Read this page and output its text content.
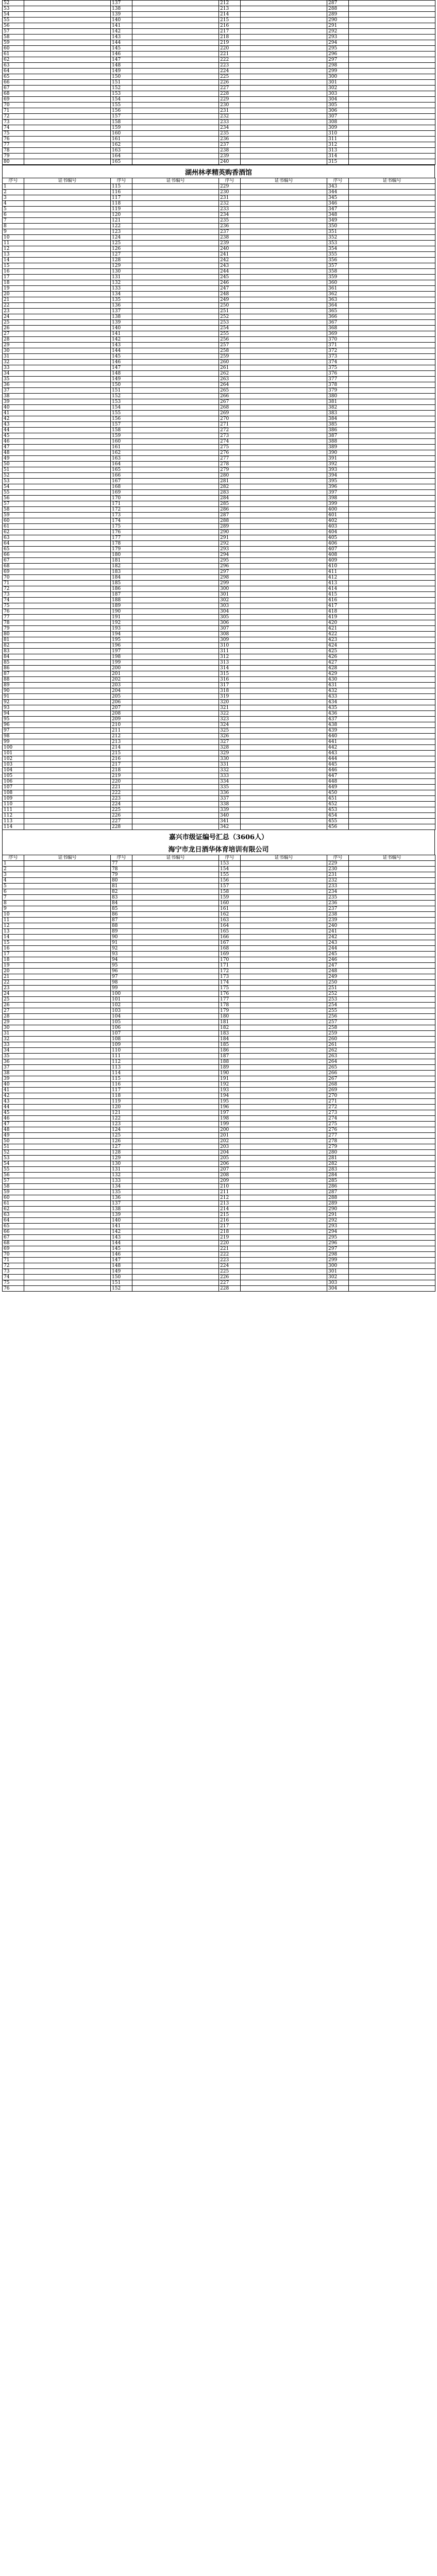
52		137		212		287	
53		138		213		288	
54		139		214		289	
55		140		215		290	
56		141		216		291	
57		142		217		292	
58		143		218		293	
59		144		219		294	
60		145		220		295	
61		146		221		296	
62		147		222		297	
63		148		223		298	
64		149		224		299	
65		150		225		300	
66		151		226		301	
67		152		227		302	
68		153		228		303	
69		154		229		304	
70		155		230		305	
71		156		231		306	
72		157		232		307	
73		158		233		308	
74		159		234		309	
75		160		235		310	
76		161		236		311	
77		162		237		312	
78		163		238		313	
79		164		239		314	
80		165		240		315	
湖州林孝精英购香酒馆
序号	证书编号	序号	证书编号	序号	证书编号	序号	证书编号
1		115		229		343	
2		116		230		344	
3		117		231		345	
4		118		232		346	
5		119		233		347	
6		120		234		348	
7		121		235		349	
8		122		236		350	
9		123		237		351	
10		124		238		352	
11		125		239		353	
12		126		240		354	
13		127		241		355	
14		128		242		356	
15		129		243		357	
16		130		244		358	
17		131		245		359	
18		132		246		360	
19		133		247		361	
20		134		248		362	
21		135		249		363	
22		136		250		364	
23		137		251		365	
24		138		252		366	
25		139		253		367	
26		140		254		368	
27		141		255		369	
28		142		256		370	
29		143		257		371	
30		144		258		372	
31		145		259		373	
32		146		260		374	
33		147		261		375	
34		148		262		376	
35		149		263		377	
36		150		264		378	
37		151		265		379	
38		152		266		380	
39		153		267		381	
40		154		268		382	
41		155		269		383	
42		156		270		384	
43		157		271		385	
44		158		272		386	
45		159		273		387	
46		160		274		388	
47		161		275		389	
48		162		276		390	
49		163		277		391	
50		164		278		392	
51		165		279		393	
52		166		280		394	
53		167		281		395	
54		168		282		396	
55		169		283		397	
56		170		284		398	
57		171		285		399	
58		172		286		400	
59		173		287		401	
60		174		288		402	
61		175		289		403	
62		176		290		404	
63		177		291		405	
64		178		292		406	
65		179		293		407	
66		180		294		408	
67		181		295		409	
68		182		296		410	
69		183		297		411	
70		184		298		412	
71		185		299		413	
72		186		300		414	
73		187		301		415	
74		188		302		416	
75		189		303		417	
76		190		304		418	
77		191		305		419	
78		192		306		420	
79		193		307		421	
80		194		308		422	
81		195		309		423	
82		196		310		424	
83		197		311		425	
84		198		312		426	
85		199		313		427	
86		200		314		428	
87		201		315		429	
88		202		316		430	
89		203		317		431	
90		204		318		432	
91		205		319		433	
92		206		320		434	
93		207		321		435	
94		208		322		436	
95		209		323		437	
96		210		324		438	
97		211		325		439	
98		212		326		440	
99		213		327		441	
100		214		328		442	
101		215		329		443	
102		216		330		444	
103		217		331		445	
104		218		332		446	
105		219		333		447	
106		220		334		448	
107		221		335		449	
108		222		336		450	
109		223		337		451	
110		224		338		452	
111		225		339		453	
112		226		340		454	
113		227		341		455	
114		228		342		456	
嘉兴市级证编号汇总（3606人）
海宁市龙日酒华体育培训有限公司
序号	证书编号	序号	证书编号	序号	证书编号	序号	证书编号
1		77		153		229	
2		78		154		230	
3		79		155		231	
4		80		156		232	
5		81		157		233	
6		82		158		234	
7		83		159		235	
8		84		160		236	
9		85		161		237	
10		86		162		238	
11		87		163		239	
12		88		164		240	
13		89		165		241	
14		90		166		242	
15		91		167		243	
16		92		168		244	
17		93		169		245	
18		94		170		246	
19		95		171		247	
20		96		172		248	
21		97		173		249	
22		98		174		250	
23		99		175		251	
24		100		176		252	
25		101		177		253	
26		102		178		254	
27		103		179		255	
28		104		180		256	
29		105		181		257	
30		106		182		258	
31		107		183		259	
32		108		184		260	
33		109		185		261	
34		110		186		262	
35		111		187		263	
36		112		188		264	
37		113		189		265	
38		114		190		266	
39		115		191		267	
40		116		192		268	
41		117		193		269	
42		118		194		270	
43		119		195		271	
44		120		196		272	
45		121		197		273	
46		122		198		274	
47		123		199		275	
48		124		200		276	
49		125		201		277	
50		126		202		278	
51		127		203		279	
52		128		204		280	
53		129		205		281	
54		130		206		282	
55		131		207		283	
56		132		208		284	
57		133		209		285	
58		134		210		286	
59		135		211		287	
60		136		212		288	
61		137		213		289	
62		138		214		290	
63		139		215		291	
64		140		216		292	
65		141		217		293	
66		142		218		294	
67		143		219		295	
68		144		220		296	
69		145		221		297	
70		146		222		298	
71		147		223		299	
72		148		224		300	
73		149		225		301	
74		150		226		302	
75		151		227		303	
76		152		228		304	
